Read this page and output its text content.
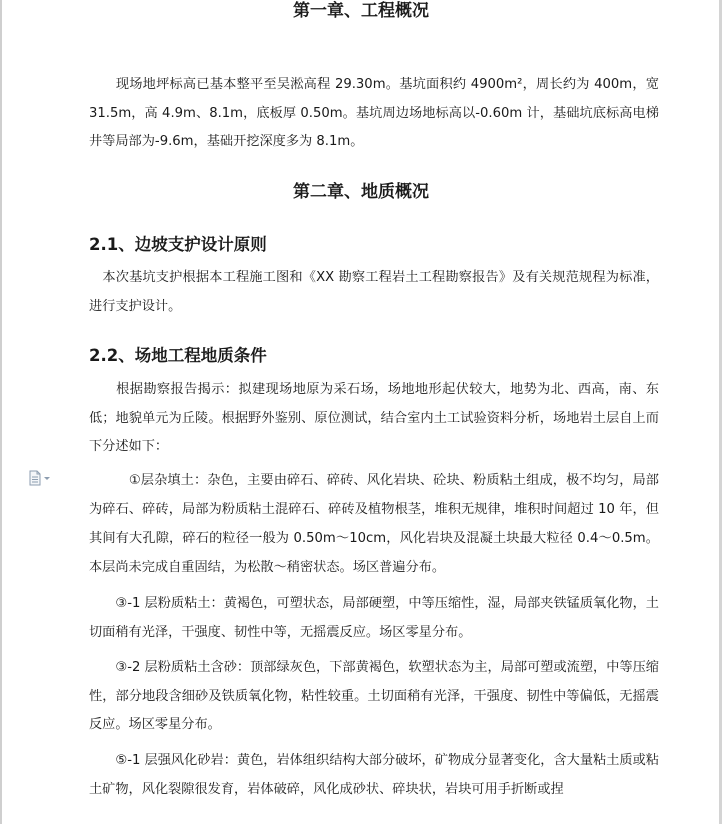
第一章、工程概况

　　现场地坪标高已基本整平至吴淞高程 29.30m。基坑面积约 4900m²，周长约为 400m，宽 31.5m，高 4.9m、8.1m，底板厚 0.50m。基坑周边场地标高以-0.60m 计，基础坑底标高电梯井等局部为-9.6m，基础开挖深度多为 8.1m。

第二章、地质概况
2.1、边坡支护设计原则

　本次基坑支护根据本工程施工图和《XX 勘察工程岩土工程勘察报告》及有关规范规程为标准，进行支护设计。

2.2、场地工程地质条件

　　根据勘察报告揭示：拟建现场地原为采石场，场地地形起伏较大，地势为北、西高，南、东低；地貌单元为丘陵。根据野外鉴别、原位测试，结合室内土工试验资料分析，场地岩土层自上而下分述如下：

　　　①层杂填土：杂色，主要由碎石、碎砖、风化岩块、砼块、粉质粘土组成，极不均匀，局部为碎石、碎砖，局部为粉质粘土混碎石、碎砖及植物根茎，堆积无规律，堆积时间超过 10 年，但其间有大孔隙，碎石的粒径一般为 0.50m～10cm，风化岩块及混凝土块最大粒径 0.4～0.5m。本层尚未完成自重固结，为松散～稍密状态。场区普遍分布。

　　③-1 层粉质粘土：黄褐色，可塑状态，局部硬塑，中等压缩性，湿，局部夹铁锰质氧化物，土切面稍有光泽，干强度、韧性中等，无摇震反应。场区零星分布。

　　③-2 层粉质粘土含砂：顶部绿灰色，下部黄褐色，软塑状态为主，局部可塑或流塑，中等压缩性，部分地段含细砂及铁质氧化物，粘性较重。土切面稍有光泽，干强度、韧性中等偏低，无摇震反应。场区零星分布。

　　⑤-1 层强风化砂岩：黄色，岩体组织结构大部分破坏，矿物成分显著变化，含大量粘土质或粘土矿物，风化裂隙很发育，岩体破碎，风化成砂状、碎块状，岩块可用手折断或捏
